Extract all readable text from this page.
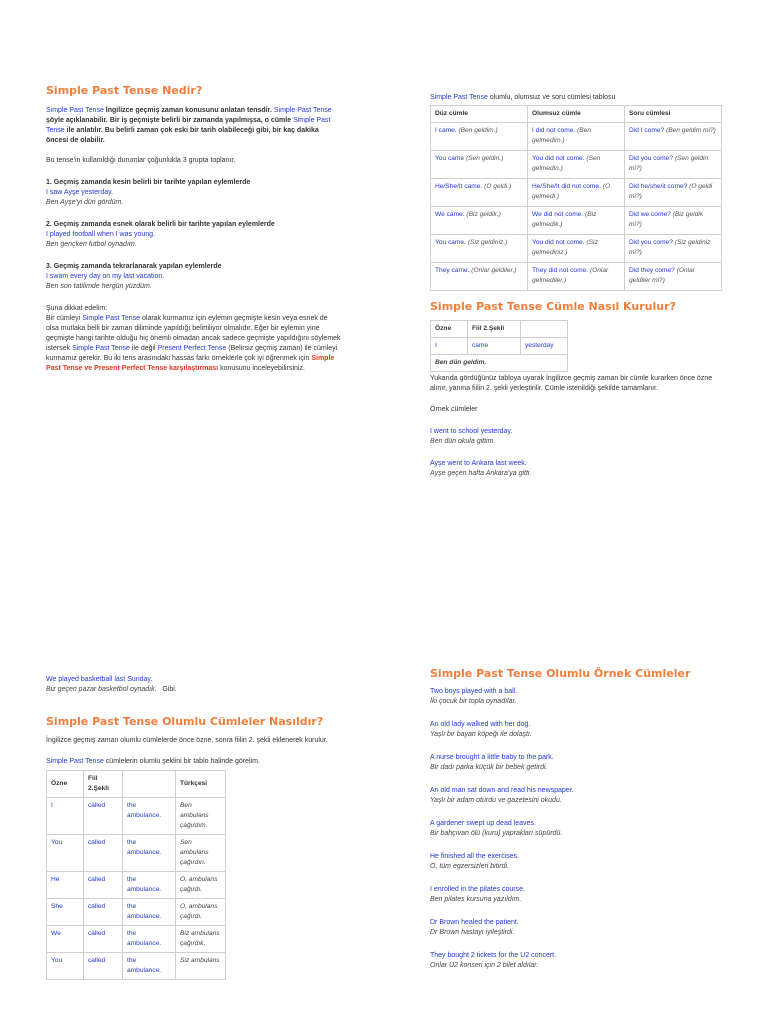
Simple Past Tense Nedir?

Simple Past Tense İngilizce geçmiş zaman konusunu anlatan tensdir. Simple Past Tense şöyle açıklanabilir. Bir iş geçmişte belirli bir zamanda yapılmışsa, o cümle Simple Past Tense ile anlatılır. Bu belirli zaman çok eski bir tarih olabileceği gibi, bir kaç dakika öncesi de olabilir.

Bu tense'in kullanıldığı durumlar çoğunlukla 3 grupta toplanır.

1. Geçmiş zamanda kesin belirli bir tarihte yapılan eylemlerde

I saw Ayşe yesterday.

Ben Ayşe'yi dün gördüm.

2. Geçmiş zamanda esnek olarak belirli bir tarihte yapılan eylemlerde

I played football when I was young.

Ben gençken futbol oynadım.

3. Geçmiş zamanda tekrarlanarak yapılan eylemlerde

I swam every day on my last vacation.

Ben son tatilimde hergün yüzdüm.

Şuna dikkat edelim:

Bir cümleyi Simple Past Tense olarak kurmamız için eylemin geçmişte kesin veya esnek de olsa mutlaka belli bir zaman diliminde yapıldığı belirtiliyor olmalıdır. Eğer bir eylemin yine geçmişte hangi tarihte olduğu hiç önemli olmadan ancak sadece geçmişte yapıldığını söylemek istersek Simple Past Tense ile değil Present Perfect Tense (Belirsiz geçmiş zaman) ile cümleyi kurmamız gerekir. Bu iki tens arasındaki hassas farkı örneklerle çok iyi öğrenmek için Simple Past Tense ve Present Perfect Tense karşılaştırması konusunu inceleyebilirsiniz.

Simple Past Tense olumlu, olumsuz ve soru cümlesi tablosu

Düz cümle	Olumsuz cümle	Soru cümlesi
I came. (Ben geldim.)	I did not come. (Ben gelmedim.)	Did I come? (Ben geldim mi?)
You came (Sen geldin.)	You did not come. (Sen gelmedin.)	Did you come? (Sen geldin mi?)
He/She/It came. (O geldi.)	He/She/It did not come. (O gelmedi.)	Did he/she/it come? (O geldi mi?)
We came. (Biz geldik.)	We did not come. (Biz gelmedik.)	Did we come? (Biz geldik mi?)
You came. (Siz geldiniz.)	You did not come. (Siz gelmediniz.)	Did you come? (Siz geldiniz mi?)
They came. (Onlar geldiler.)	They did not come. (Onlar gelmediler.)	Did they come? (Onlar geldiler mi?)
Simple Past Tense Cümle Nasıl Kurulur?
Özne	Fiil 2.Şekli	
I	came	yesterday
Ben dün geldim.		

Yukarıda gördüğünüz tabloya uyarak İngilizce geçmiş zaman bir cümle kurarken önce özne alınır, yanına fiilin 2. şekli yerleştirilir. Cümle istenildiği şekilde tamamlanır.

Örnek cümleler

I went to school yesterday.

Ben dün okula gittim.

Ayşe went to Ankara last week.

Ayşe geçen hafta Ankara'ya gitti.

We played basketball last Sunday.

Biz geçen pazar basketbol oynadık. Gibi.

Simple Past Tense Olumlu Cümleler Nasıldır?

İngilizce geçmiş zaman olumlu cümlelerde önce özne, sonra fiilin 2. şekli eklenerek kurulur.

Simple Past Tense cümlelerin olumlu şeklini bir tablo halinde görelim.

Özne	Fiil 2.Şekli		Türkçesi
I	called	the ambulance.	Ben ambulans çağırdım.
You	called	the ambulance.	Sen ambulans çağırdın.
He	called	the ambulance.	O, ambulans çağırdı.
She	called	the ambulance.	O, ambulans çağırdı.
We	called	the ambulance.	Biz ambulans çağırdık.
You	called	the ambulance.	Siz ambulans
Simple Past Tense Olumlu Örnek Cümleler

Two boys played with a ball.

İki çocuk bir topla oynadılar.

An old lady walked with her dog.

Yaşlı bir bayan köpeği ile dolaştı.

A nurse brought a little baby to the park.

Bir dadı parka küçük bir bebek getirdi.

An old man sat down and read his newspaper.

Yaşlı bir adam oturdu ve gazetesini okudu.

A gardener swept up dead leaves.

Bir bahçıvan ölü (kuru) yaprakları süpürdü.

He finished all the exercises.

O, tüm egzersizleri bitirdi.

I enrolled in the pilates course.

Ben pilates kursuna yazıldım.

Dr Brown healed the patient.

Dr Brown hastayı iyileştirdi.

They bought 2 tickets for the U2 concert.

Onlar U2 konseri için 2 bilet aldılar.
